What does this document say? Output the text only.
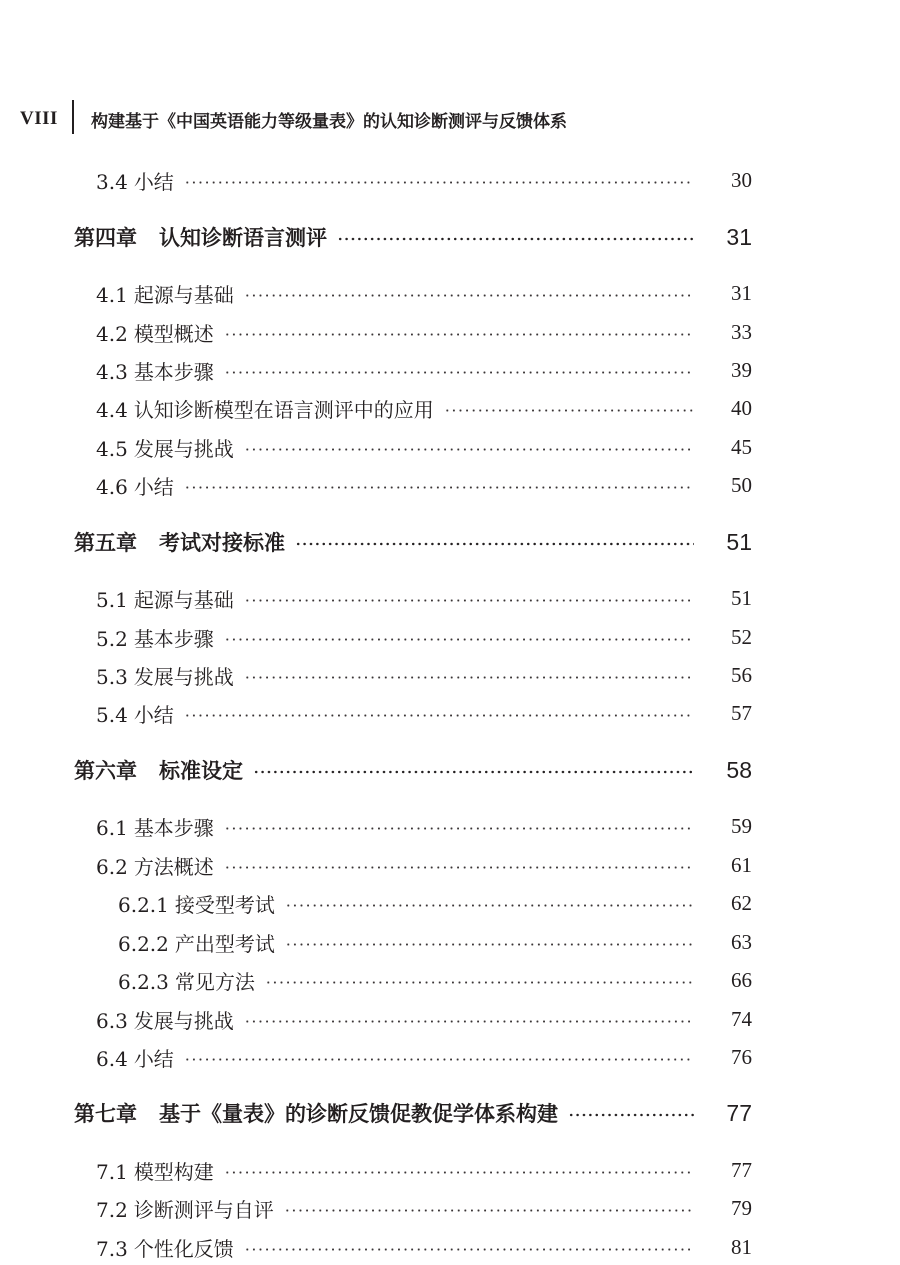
VIII 构建基于《中国英语能力等级量表》的认知诊断测评与反馈体系
3.4 小结	30
第四章 认知诊断语言测评	31
4.1 起源与基础	31
4.2 模型概述	33
4.3 基本步骤	39
4.4 认知诊断模型在语言测评中的应用	40
4.5 发展与挑战	45
4.6 小结	50
第五章 考试对接标准	51
5.1 起源与基础	51
5.2 基本步骤	52
5.3 发展与挑战	56
5.4 小结	57
第六章 标准设定	58
6.1 基本步骤	59
6.2 方法概述	61
6.2.1 接受型考试	62
6.2.2 产出型考试	63
6.2.3 常见方法	66
6.3 发展与挑战	74
6.4 小结	76
第七章 基于《量表》的诊断反馈促教促学体系构建	77
7.1 模型构建	77
7.2 诊断测评与自评	79
7.3 个性化反馈	81
